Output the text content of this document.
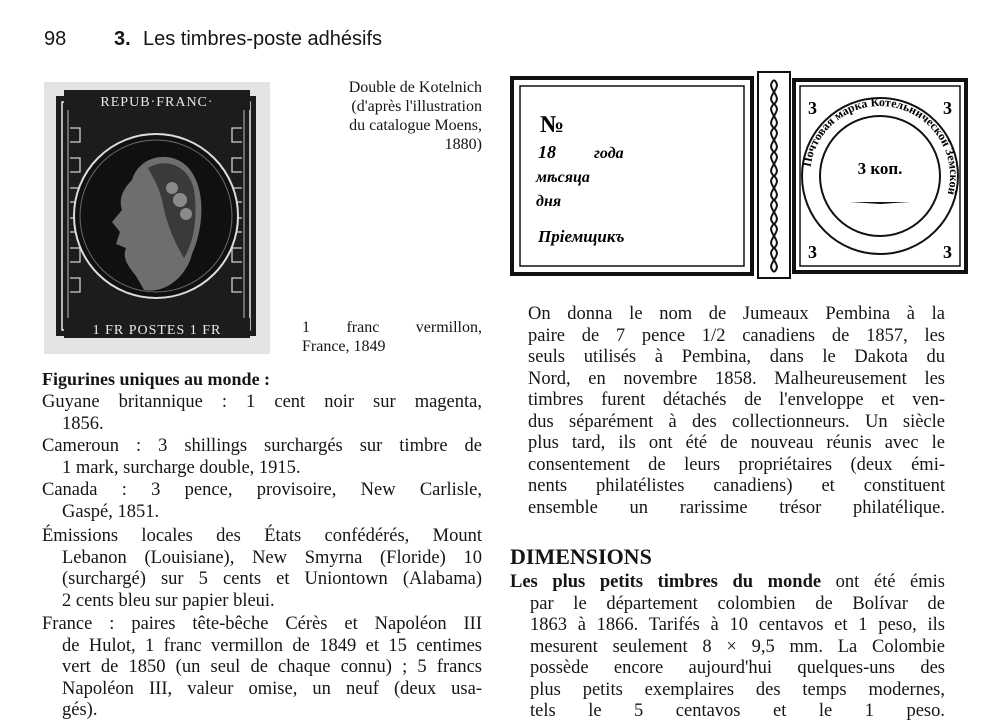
98 3. Les timbres-poste adhésifs
REPUB·FRANC·
1 FR POSTES 1 FR
Double de Kotelnich
(d'après l'illustration
du catalogue Moens,
1880)
1 franc vermillon,
France, 1849
№
18 года
мѣсяца
дня
Пріемщикъ
3	3
3	3
Почтовая марка Котельнической Земской
3 коп.
Figurines uniques au monde :
Guyane britannique : 1 cent noir sur magenta,
1856.
Cameroun : 3 shillings surchargés sur timbre de
1 mark, surcharge double, 1915.
Canada : 3 pence, provisoire, New Carlisle,
Gaspé, 1851.
Émissions locales des États confédérés, Mount
Lebanon (Louisiane), New Smyrna (Floride) 10
(surchargé) sur 5 cents et Uniontown (Alabama)
2 cents bleu sur papier bleui.
France : paires tête-bêche Cérès et Napoléon III
de Hulot, 1 franc vermillon de 1849 et 15 centimes
vert de 1850 (un seul de chaque connu) ; 5 francs
Napoléon III, valeur omise, un neuf (deux usa-
gés).
On donna le nom de Jumeaux Pembina à la
paire de 7 pence 1/2 canadiens de 1857, les
seuls utilisés à Pembina, dans le Dakota du
Nord, en novembre 1858. Malheureusement les
timbres furent détachés de l'enveloppe et ven-
dus séparément à des collectionneurs. Un siècle
plus tard, ils ont été de nouveau réunis avec le
consentement de leurs propriétaires (deux émi-
nents philatélistes canadiens) et constituent
ensemble un rarissime trésor philatélique.
DIMENSIONS
Les plus petits timbres du monde ont été émis
par le département colombien de Bolívar de
1863 à 1866. Tarifés à 10 centavos et 1 peso, ils
mesurent seulement 8 × 9,5 mm. La Colombie
possède encore aujourd'hui quelques-uns des
plus petits exemplaires des temps modernes,
tels le 5 centavos et le 1 peso.
